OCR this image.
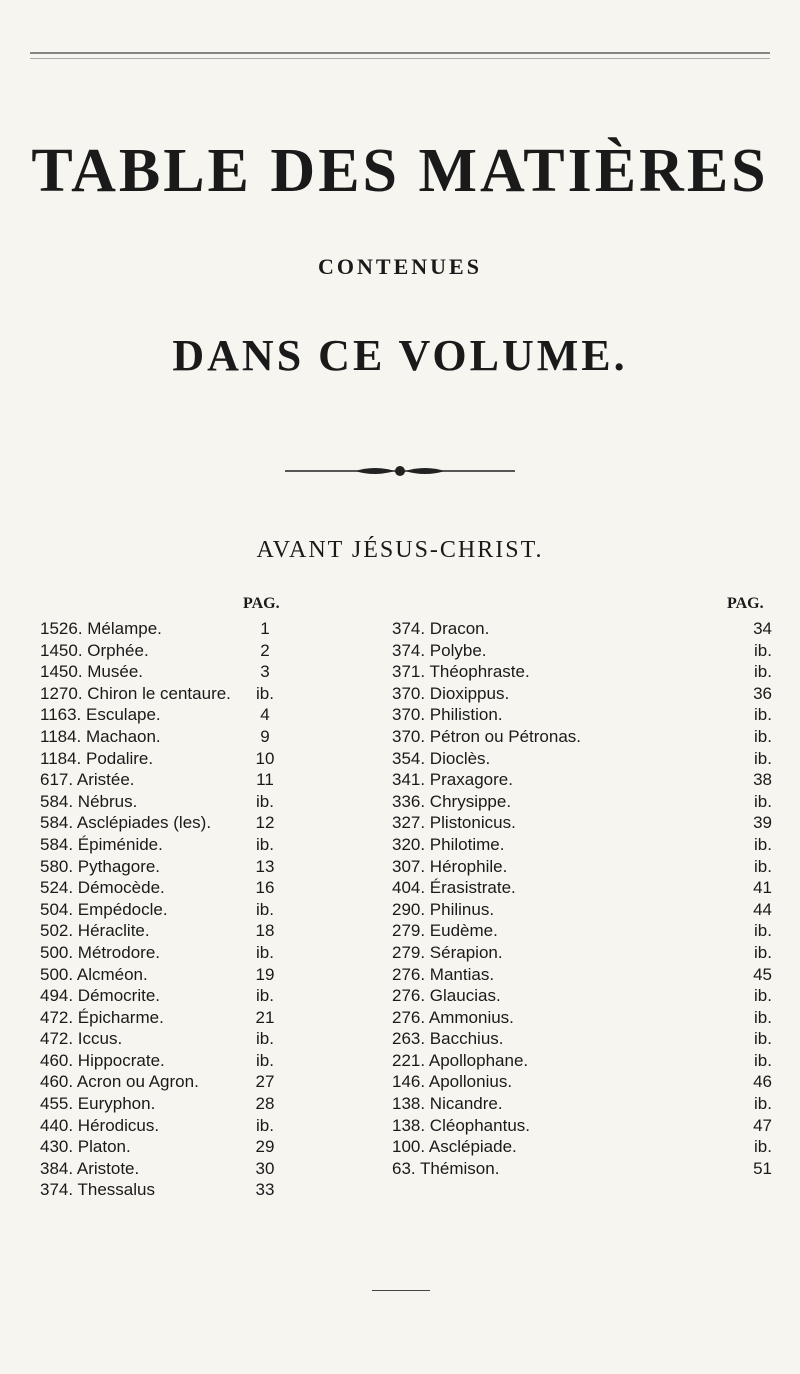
TABLE DES MATIÈRES
CONTENUES
DANS CE VOLUME.
AVANT JÉSUS-CHRIST.
PAG.	PAG.
1526. Mélampe.	1
1450. Orphée.	2
1450. Musée.	3
1270. Chiron le centaure.	ib.
1163. Esculape.	4
1184. Machaon.	9
1184. Podalire.	10
617. Aristée.	11
584. Nébrus.	ib.
584. Asclépiades (les).	12
584. Épiménide.	ib.
580. Pythagore.	13
524. Démocède.	16
504. Empédocle.	ib.
502. Héraclite.	18
500. Métrodore.	ib.
500. Alcméon.	19
494. Démocrite.	ib.
472. Épicharme.	21
472. Iccus.	ib.
460. Hippocrate.	ib.
460. Acron ou Agron.	27
455. Euryphon.	28
440. Hérodicus.	ib.
430. Platon.	29
384. Aristote.	30
374. Thessalus	33
374. Dracon.	34
374. Polybe.	ib.
371. Théophraste.	ib.
370. Dioxippus.	36
370. Philistion.	ib.
370. Pétron ou Pétronas.	ib.
354. Dioclès.	ib.
341. Praxagore.	38
336. Chrysippe.	ib.
327. Plistonicus.	39
320. Philotime.	ib.
307. Hérophile.	ib.
404. Érasistrate.	41
290. Philinus.	44
279. Eudème.	ib.
279. Sérapion.	ib.
276. Mantias.	45
276. Glaucias.	ib.
276. Ammonius.	ib.
263. Bacchius.	ib.
221. Apollophane.	ib.
146. Apollonius.	46
138. Nicandre.	ib.
138. Cléophantus.	47
100. Asclépiade.	ib.
63. Thémison.	51
